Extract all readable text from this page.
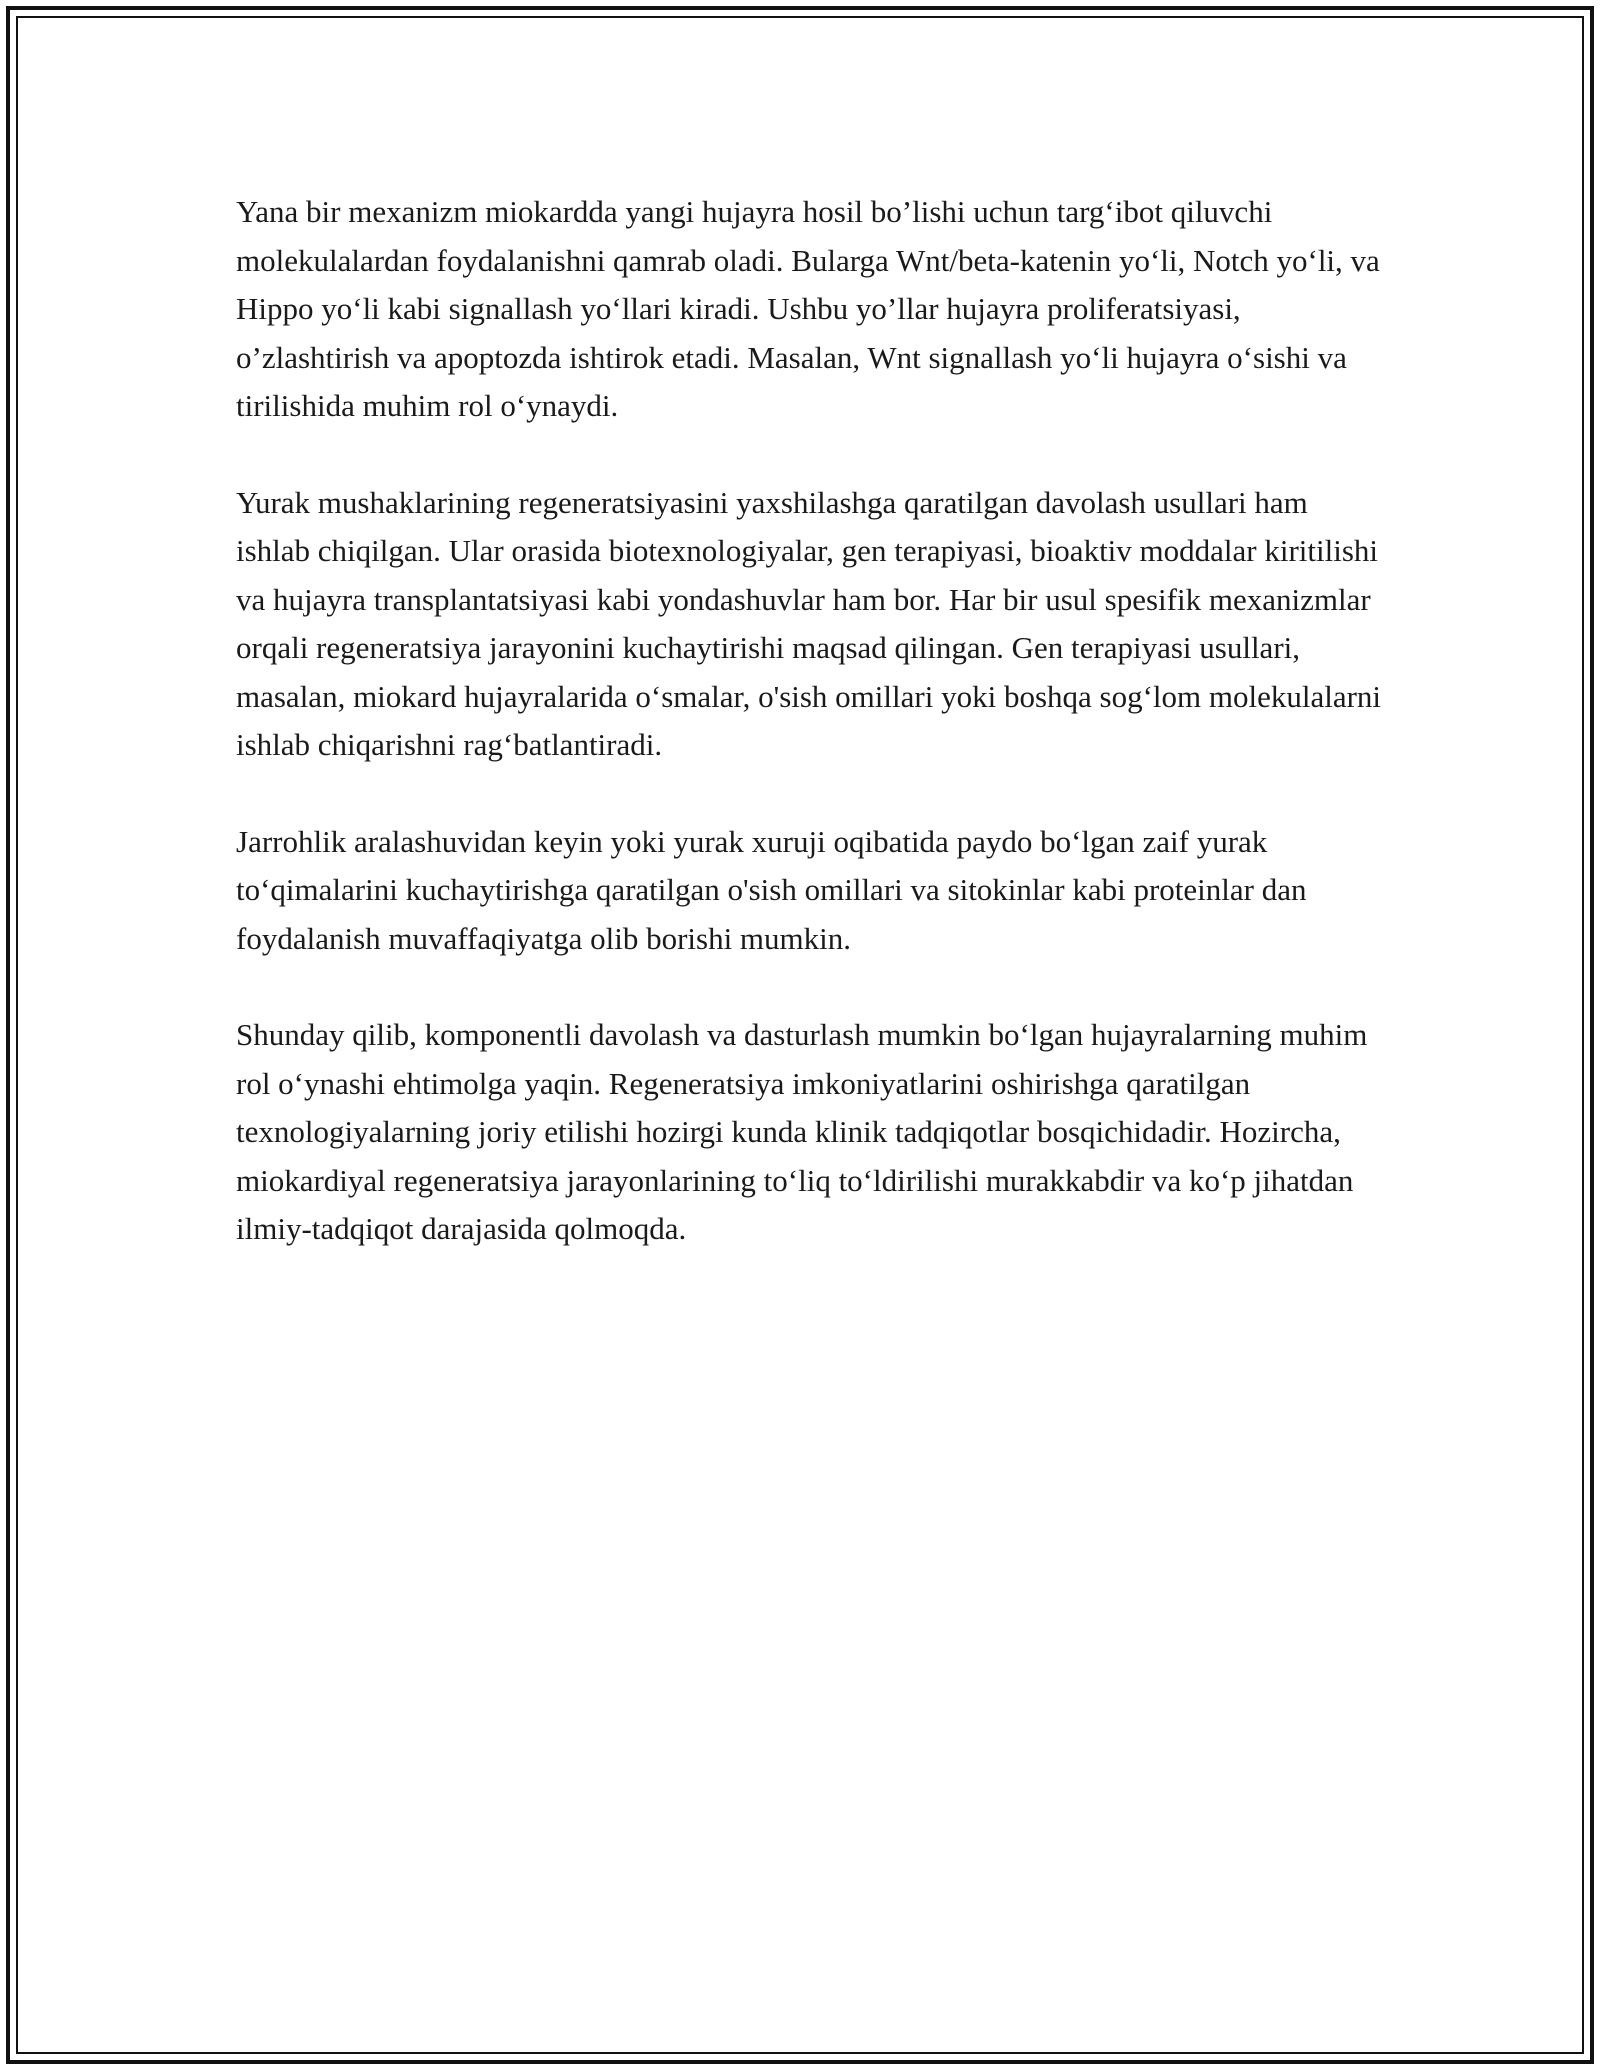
Yana bir mexanizm miokardda yangi hujayra hosil bo’lishi uchun targ‘ibot qiluvchi molekulalardan foydalanishni qamrab oladi. Bularga Wnt/beta-katenin yo‘li, Notch yo‘li, va Hippo yo‘li kabi signallash yo‘llari kiradi. Ushbu yo’llar hujayra proliferatsiyasi, o’zlashtirish va apoptozda ishtirok etadi. Masalan, Wnt signallash yo‘li hujayra o‘sishi va tirilishida muhim rol o‘ynaydi.

Yurak mushaklarining regeneratsiyasini yaxshilashga qaratilgan davolash usullari ham ishlab chiqilgan. Ular orasida biotexnologiyalar, gen terapiyasi, bioaktiv moddalar kiritilishi va hujayra transplantatsiyasi kabi yondashuvlar ham bor. Har bir usul spesifik mexanizmlar orqali regeneratsiya jarayonini kuchaytirishi maqsad qilingan. Gen terapiyasi usullari, masalan, miokard hujayralarida o‘smalar, o'sish omillari yoki boshqa sog‘lom molekulalarni ishlab chiqarishni rag‘batlantiradi.

Jarrohlik aralashuvidan keyin yoki yurak xuruji oqibatida paydo bo‘lgan zaif yurak to‘qimalarini kuchaytirishga qaratilgan o'sish omillari va sitokinlar kabi proteinlar dan foydalanish muvaffaqiyatga olib borishi mumkin.

Shunday qilib, komponentli davolash va dasturlash mumkin bo‘lgan hujayralarning muhim rol o‘ynashi ehtimolga yaqin. Regeneratsiya imkoniyatlarini oshirishga qaratilgan texnologiyalarning joriy etilishi hozirgi kunda klinik tadqiqotlar bosqichidadir. Hozircha, miokardiyal regeneratsiya jarayonlarining to‘liq to‘ldirilishi murakkabdir va ko‘p jihatdan ilmiy-tadqiqot darajasida qolmoqda.
